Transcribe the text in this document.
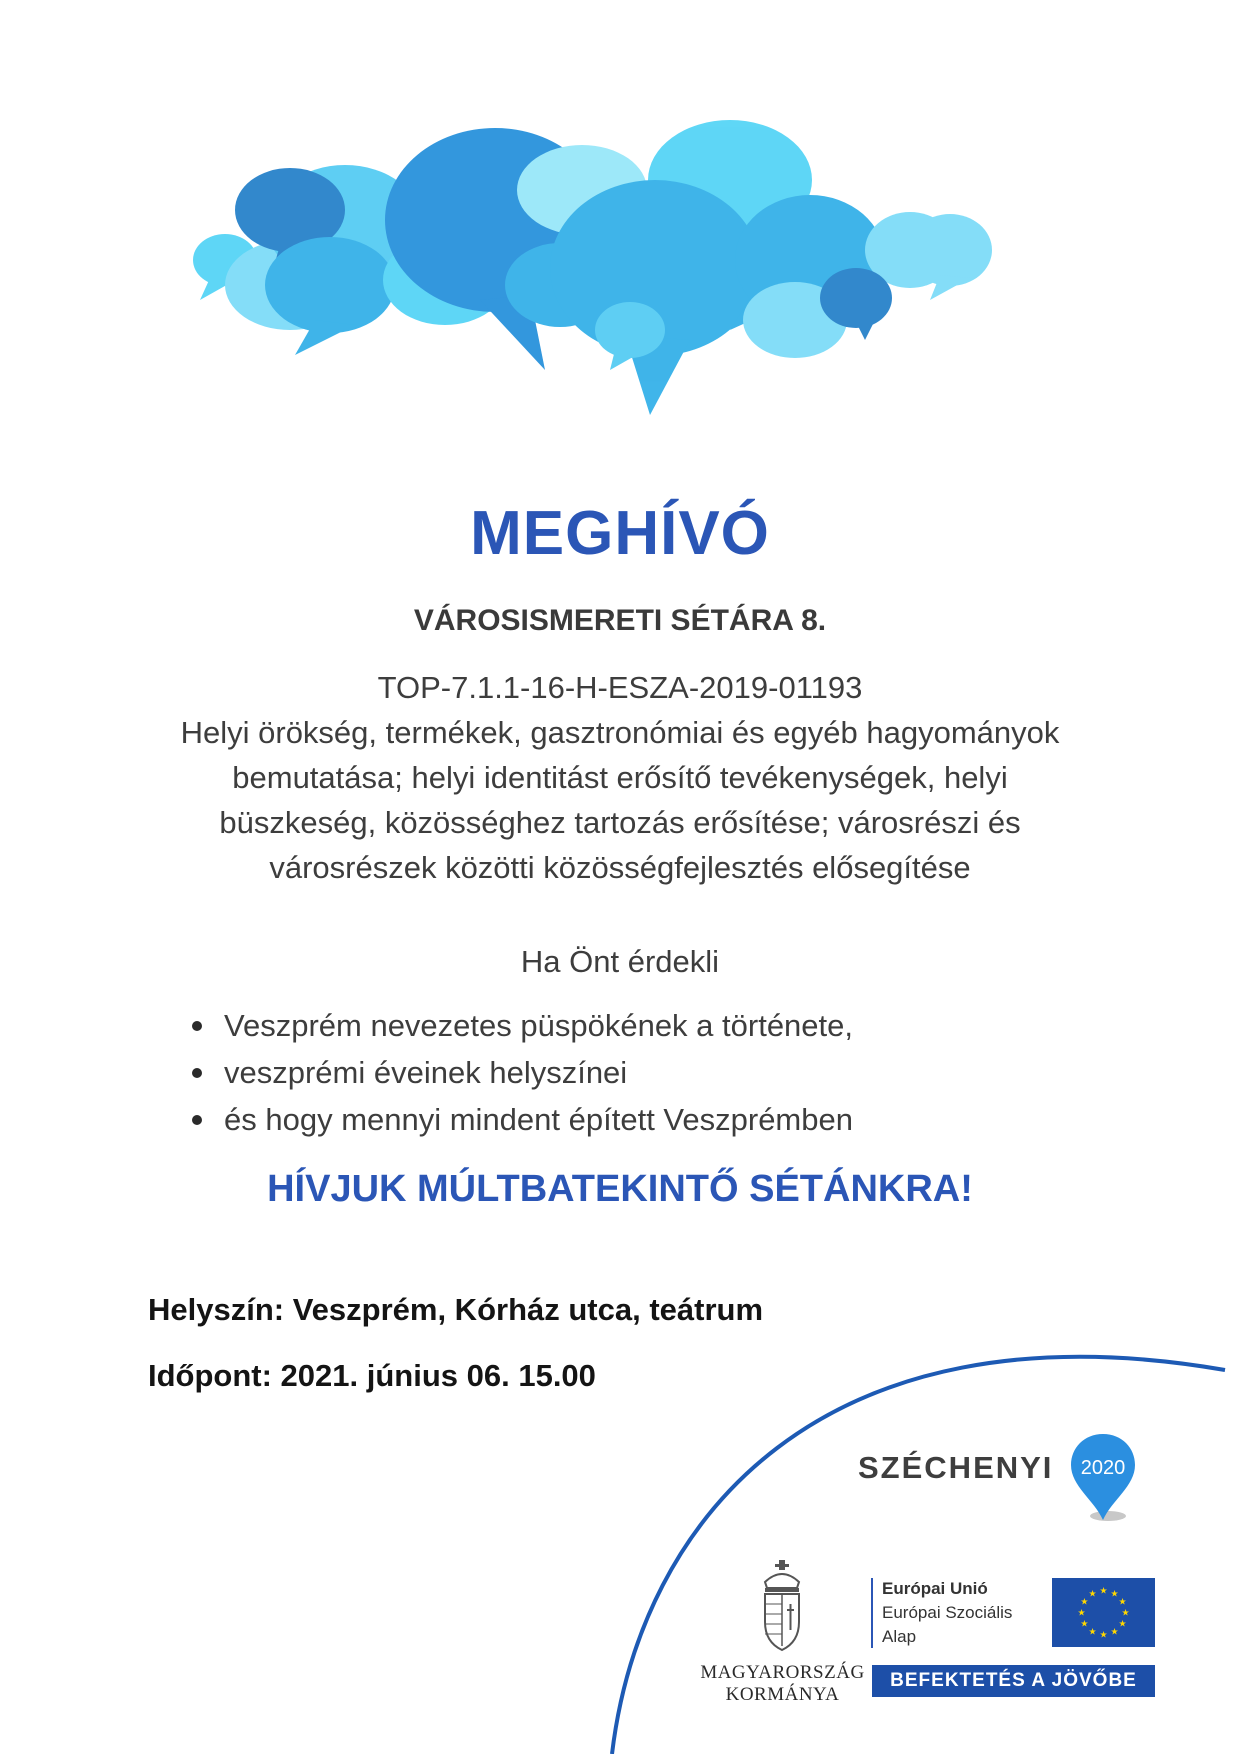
MEGHÍVÓ
VÁROSISMERETI SÉTÁRA 8.
TOP-7.1.1-16-H-ESZA-2019-01193
Helyi örökség, termékek, gasztronómiai és egyéb hagyományok
bemutatása; helyi identitást erősítő tevékenységek, helyi
büszkeség, közösséghez tartozás erősítése; városrészi és
városrészek közötti közösségfejlesztés elősegítése
Ha Önt érdekli
Veszprém nevezetes püspökének a története,
veszprémi éveinek helyszínei
és hogy mennyi mindent épített Veszprémben
HÍVJUK MÚLTBATEKINTŐ SÉTÁNKRA!
Helyszín: Veszprém, Kórház utca, teátrum
Időpont: 2021. június 06. 15.00
SZÉCHENYI	2020
MAGYARORSZÁG
KORMÁNYA
Európai Unió
Európai Szociális
Alap
★
★
★
★
★
★
★
★
★ ★ ★
★
BEFEKTETÉS A JÖVŐBE
